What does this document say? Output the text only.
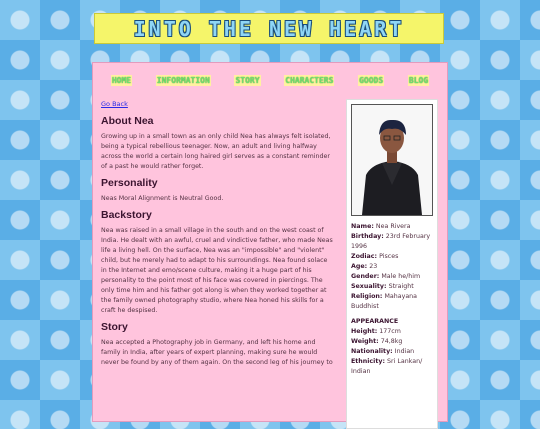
INTO THE NEW HEART
HOME	INFORMATION	STORY	CHARACTERS	GOODS	BLOG
Go Back
About Nea

Growing up in a small town as an only child Nea has always felt isolated, being a typical rebellious teenager. Now, an adult and living halfway across the world a certain long haired girl serves as a constant reminder of a past he would rather forget.

Personality

Neas Moral Alignment is Neutral Good.

Backstory

Nea was raised in a small village in the south and on the west coast of India. He dealt with an awful, cruel and vindictive father, who made Neas life a living hell. On the surface, Nea was an "impossible" and "violent" child, but he merely had to adapt to his surroundings. Nea found solace in the Internet and emo/scene culture, making it a huge part of his personality to the point most of his face was covered in piercings. The only time him and his father got along is when they worked together at the family owned photography studio, where Nea honed his skills for a craft he despised.

Story

Nea accepted a Photography job in Germany, and left his home and family in India, after years of expert planning, making sure he would never be found by any of them again. On the second leg of his journey to

Name: Nea Rivera
Birthday: 23rd February 1996
Zodiac: Pisces
Age: 23
Gender: Male he/him
Sexuality: Straight
Religion: Mahayana Buddhist
APPEARANCE
Height: 177cm
Weight: 74,8kg
Nationality: Indian
Ethnicity: Sri Lankan/ Indian
